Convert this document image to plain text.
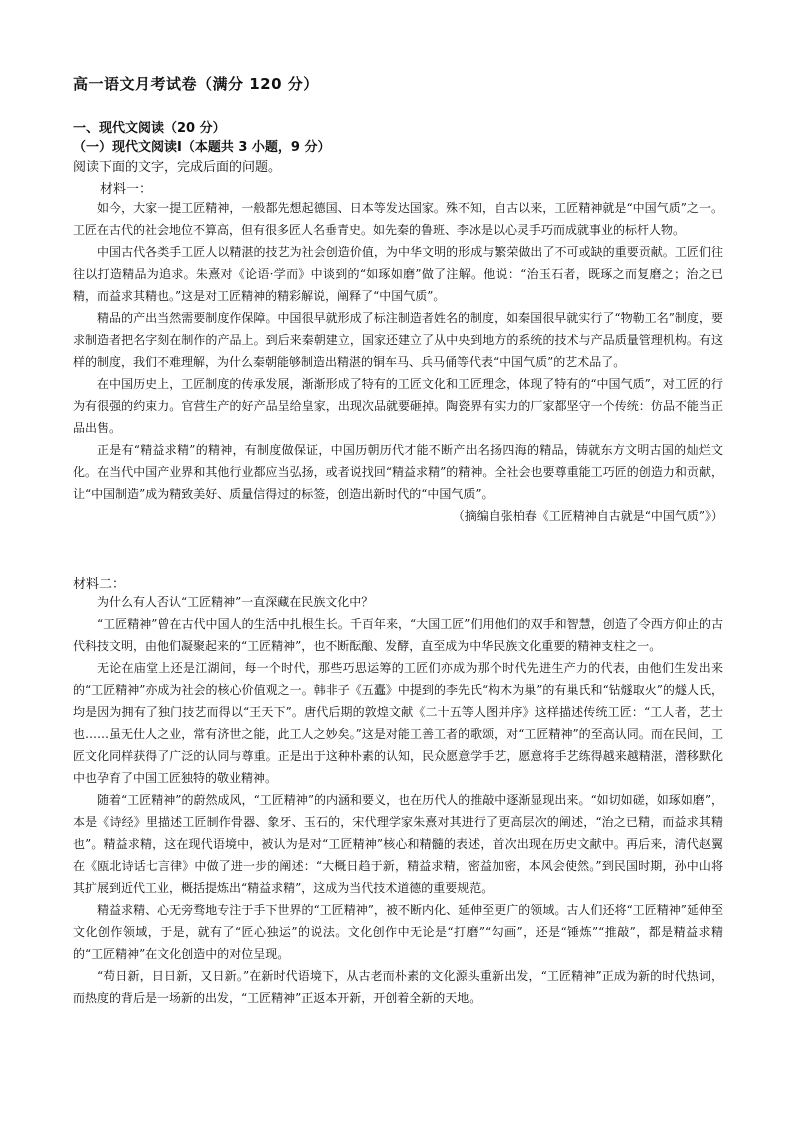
高一语文月考试卷（满分 120 分）
一、现代文阅读（20 分）
（一）现代文阅读Ⅰ（本题共 3 小题，9 分）
阅读下面的文字，完成后面的问题。
材料一：

如今，大家一提工匠精神，一般都先想起德国、日本等发达国家。殊不知，自古以来，工匠精神就是“中国气质”之一。工匠在古代的社会地位不算高，但有很多匠人名垂青史。如先秦的鲁班、李冰是以心灵手巧而成就事业的标杆人物。

中国古代各类手工匠人以精湛的技艺为社会创造价值，为中华文明的形成与繁荣做出了不可或缺的重要贡献。工匠们往往以打造精品为追求。朱熹对《论语·学而》中谈到的“如琢如磨”做了注解。他说：“治玉石者，既琢之而复磨之；治之已精，而益求其精也。”这是对工匠精神的精彩解说，阐释了“中国气质”。

精品的产出当然需要制度作保障。中国很早就形成了标注制造者姓名的制度，如秦国很早就实行了“物勒工名”制度，要求制造者把名字刻在制作的产品上。到后来秦朝建立，国家还建立了从中央到地方的系统的技术与产品质量管理机构。有这样的制度，我们不难理解，为什么秦朝能够制造出精湛的铜车马、兵马俑等代表“中国气质”的艺术品了。

在中国历史上，工匠制度的传承发展，渐渐形成了特有的工匠文化和工匠理念，体现了特有的“中国气质”，对工匠的行为有很强的约束力。官营生产的好产品呈给皇家，出现次品就要砸掉。陶瓷界有实力的厂家都坚守一个传统：仿品不能当正品出售。

正是有“精益求精”的精神，有制度做保证，中国历朝历代才能不断产出名扬四海的精品，铸就东方文明古国的灿烂文化。在当代中国产业界和其他行业都应当弘扬，或者说找回“精益求精”的精神。全社会也要尊重能工巧匠的创造力和贡献，让“中国制造”成为精致美好、质量信得过的标签，创造出新时代的“中国气质”。

（摘编自张柏春《工匠精神自古就是“中国气质”》）

材料二：

为什么有人否认“工匠精神”一直深藏在民族文化中？

“工匠精神”曾在古代中国人的生活中扎根生长。千百年来，“大国工匠”们用他们的双手和智慧，创造了令西方仰止的古代科技文明，由他们凝聚起来的“工匠精神”，也不断酝酿、发酵，直至成为中华民族文化重要的精神支柱之一。

无论在庙堂上还是江湖间，每一个时代，那些巧思运筹的工匠们亦成为那个时代先进生产力的代表，由他们生发出来的“工匠精神”亦成为社会的核心价值观之一。韩非子《五蠹》中提到的李先氏“构木为巢”的有巢氏和“钻燧取火”的燧人氏，均是因为拥有了独门技艺而得以“王天下”。唐代后期的敦煌文献《二十五等人图并序》这样描述传统工匠：“工人者，艺士也……虽无仕人之业，常有济世之能，此工人之妙矣。”这是对能工善工者的歌颂，对“工匠精神”的至高认同。而在民间，工匠文化同样获得了广泛的认同与尊重。正是出于这种朴素的认知，民众愿意学手艺，愿意将手艺练得越来越精湛，潜移默化中也孕育了中国工匠独特的敬业精神。

随着“工匠精神”的蔚然成风，“工匠精神”的内涵和要义，也在历代人的推敲中逐渐显现出来。“如切如磋，如琢如磨”，本是《诗经》里描述工匠制作骨器、象牙、玉石的，宋代理学家朱熹对其进行了更高层次的阐述，“治之已精，而益求其精也”。精益求精，这在现代语境中，被认为是对“工匠精神”核心和精髓的表述，首次出现在历史文献中。再后来，清代赵翼在《瓯北诗话七言律》中做了进一步的阐述：“大概日趋于新，精益求精，密益加密，本风会使然。”到民国时期，孙中山将其扩展到近代工业，概括提炼出“精益求精”，这成为当代技术道德的重要规范。

精益求精、心无旁骛地专注于手下世界的“工匠精神”，被不断内化、延伸至更广的领域。古人们还将“工匠精神”延伸至文化创作领域，于是，就有了“匠心独运”的说法。文化创作中无论是“打磨”“勾画”，还是“锤炼”“推敲”，都是精益求精的“工匠精神”在文化创造中的对位呈现。

“苟日新，日日新，又日新。”在新时代语境下，从古老而朴素的文化源头重新出发，“工匠精神”正成为新的时代热词，而热度的背后是一场新的出发，“工匠精神”正返本开新，开创着全新的天地。
